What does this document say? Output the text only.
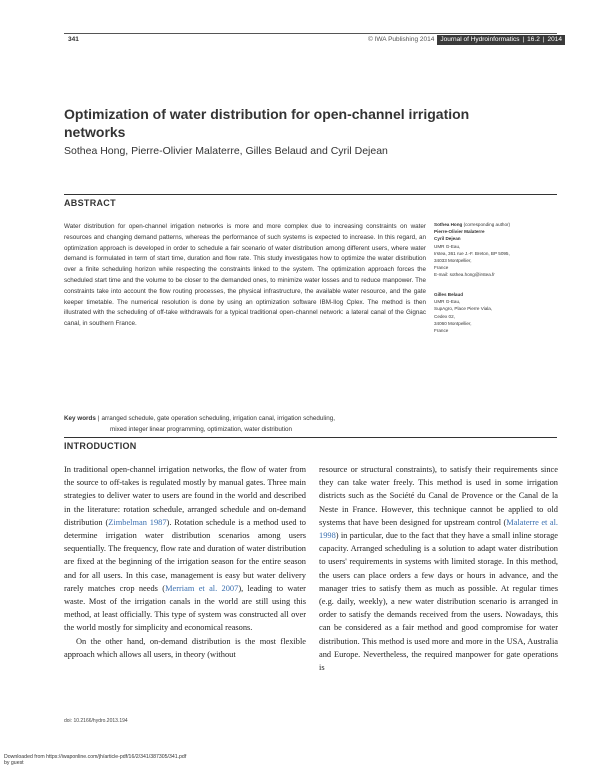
341	© IWA Publishing 2014 Journal of Hydroinformatics | 16.2 | 2014
Optimization of water distribution for open-channel irrigation networks
Sothea Hong, Pierre-Olivier Malaterre, Gilles Belaud and Cyril Dejean
ABSTRACT
Water distribution for open-channel irrigation networks is more and more complex due to increasing constraints on water resources and changing demand patterns, whereas the performance of such systems is expected to increase. In this regard, an optimization approach is developed in order to schedule a fair scenario of water distribution among different users, where water demand is formulated in term of start time, duration and flow rate. This study investigates how to optimize the water distribution over a finite scheduling horizon while respecting the constraints linked to the system. The optimization approach forces the scheduled start time and the volume to be closer to the demanded ones, to minimize water losses and to reduce manpower. The constraints take into account the flow routing processes, the physical infrastructure, the available water resource, and the gate keeper timetable. The numerical resolution is done by using an optimization software IBM-Ilog Cplex. The method is then illustrated with the scheduling of off-take withdrawals for a typical traditional open-channel network: a lateral canal of the Gignac canal, in southern France.
Key words | arranged schedule, gate operation scheduling, irrigation canal, irrigation scheduling,
mixed integer linear programming, optimization, water distribution
Sothea Hong (corresponding author)
Pierre-Olivier Malaterre
Cyril Dejean
UMR G-Eau,
Irstea, 361 rue J.-F. Breton, BP 5095,
34033 Montpellier,
France
E-mail: sothea.hong@irstea.fr
Gilles Belaud
UMR G-Eau,
SupAgro, Place Pierre Viala,
Cedex 02,
34060 Montpellier,
France
INTRODUCTION

In traditional open-channel irrigation networks, the flow of water from the source to off-takes is regulated mostly by manual gates. Three main strategies to deliver water to users are found in the world and described in the literature: rotation schedule, arranged schedule and on-demand distribution (Zimbelman 1987). Rotation schedule is a method used to determine irrigation water distribution scenarios among users sequentially. The frequency, flow rate and duration of water distribution are fixed at the beginning of the irrigation season for the entire season and for all users. In this case, management is easy but water delivery rarely matches crop needs (Merriam et al. 2007), leading to water waste. Most of the irrigation canals in the world are still using this method, at least officially. This type of system was constructed all over the world mostly for simplicity and economical reasons.

On the other hand, on-demand distribution is the most flexible approach which allows all users, in theory (without

resource or structural constraints), to satisfy their requirements since they can take water freely. This method is used in some irrigation districts such as the Société du Canal de Provence or the Canal de la Neste in France. However, this technique cannot be applied to old systems that have been designed for upstream control (Malaterre et al. 1998) in particular, due to the fact that they have a small inline storage capacity. Arranged scheduling is a solution to adapt water distribution to users' requirements in systems with limited storage. In this method, the users can place orders a few days or hours in advance, and the manager tries to satisfy them as much as possible. At regular times (e.g. daily, weekly), a new water distribution scenario is arranged in order to satisfy the demands received from the users. Nowadays, this can be considered as a fair method and good compromise for water distribution. This method is used more and more in the USA, Australia and Europe. Nevertheless, the required manpower for gate operations is

doi: 10.2166/hydro.2013.194
Downloaded from https://iwaponline.com/jh/article-pdf/16/2/341/387305/341.pdf
by guest
